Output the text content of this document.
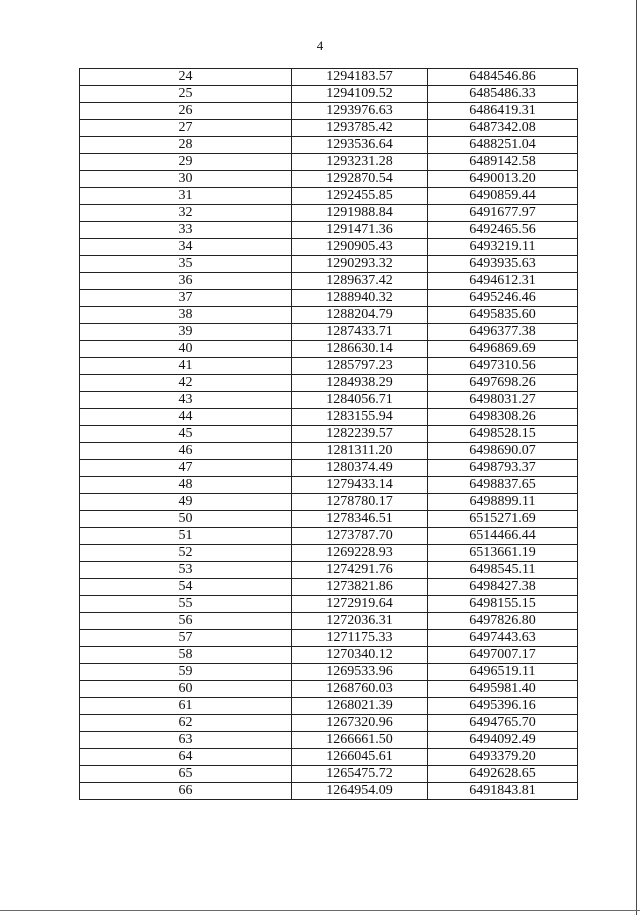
4
24	1294183.57	6484546.86
25	1294109.52	6485486.33
26	1293976.63	6486419.31
27	1293785.42	6487342.08
28	1293536.64	6488251.04
29	1293231.28	6489142.58
30	1292870.54	6490013.20
31	1292455.85	6490859.44
32	1291988.84	6491677.97
33	1291471.36	6492465.56
34	1290905.43	6493219.11
35	1290293.32	6493935.63
36	1289637.42	6494612.31
37	1288940.32	6495246.46
38	1288204.79	6495835.60
39	1287433.71	6496377.38
40	1286630.14	6496869.69
41	1285797.23	6497310.56
42	1284938.29	6497698.26
43	1284056.71	6498031.27
44	1283155.94	6498308.26
45	1282239.57	6498528.15
46	1281311.20	6498690.07
47	1280374.49	6498793.37
48	1279433.14	6498837.65
49	1278780.17	6498899.11
50	1278346.51	6515271.69
51	1273787.70	6514466.44
52	1269228.93	6513661.19
53	1274291.76	6498545.11
54	1273821.86	6498427.38
55	1272919.64	6498155.15
56	1272036.31	6497826.80
57	1271175.33	6497443.63
58	1270340.12	6497007.17
59	1269533.96	6496519.11
60	1268760.03	6495981.40
61	1268021.39	6495396.16
62	1267320.96	6494765.70
63	1266661.50	6494092.49
64	1266045.61	6493379.20
65	1265475.72	6492628.65
66	1264954.09	6491843.81
